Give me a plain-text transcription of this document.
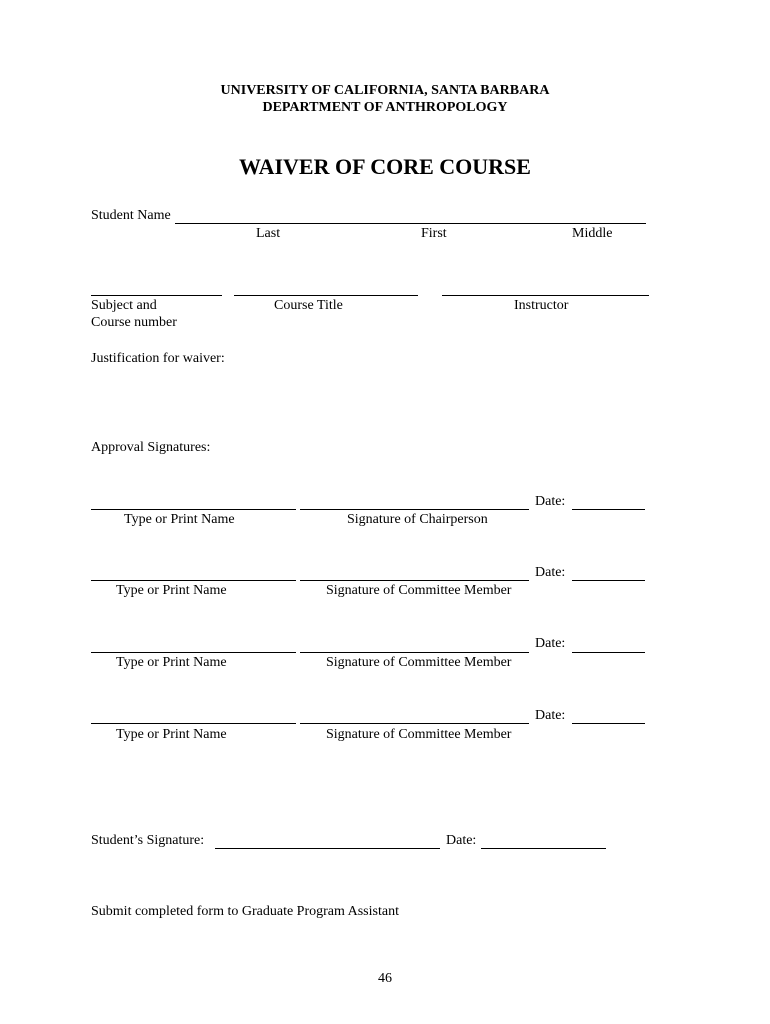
UNIVERSITY OF CALIFORNIA, SANTA BARBARA
DEPARTMENT OF ANTHROPOLOGY
WAIVER OF CORE COURSE
Student Name
Last	First	Middle
Subject and
Course number
Course Title	Instructor
Justification for waiver:
Approval Signatures:
Date:
Type or Print Name	Signature of Chairperson
Date:
Type or Print Name	Signature of Committee Member
Date:
Type or Print Name	Signature of Committee Member
Date:
Type or Print Name	Signature of Committee Member
Student’s Signature:	Date:
Submit completed form to Graduate Program Assistant
46
